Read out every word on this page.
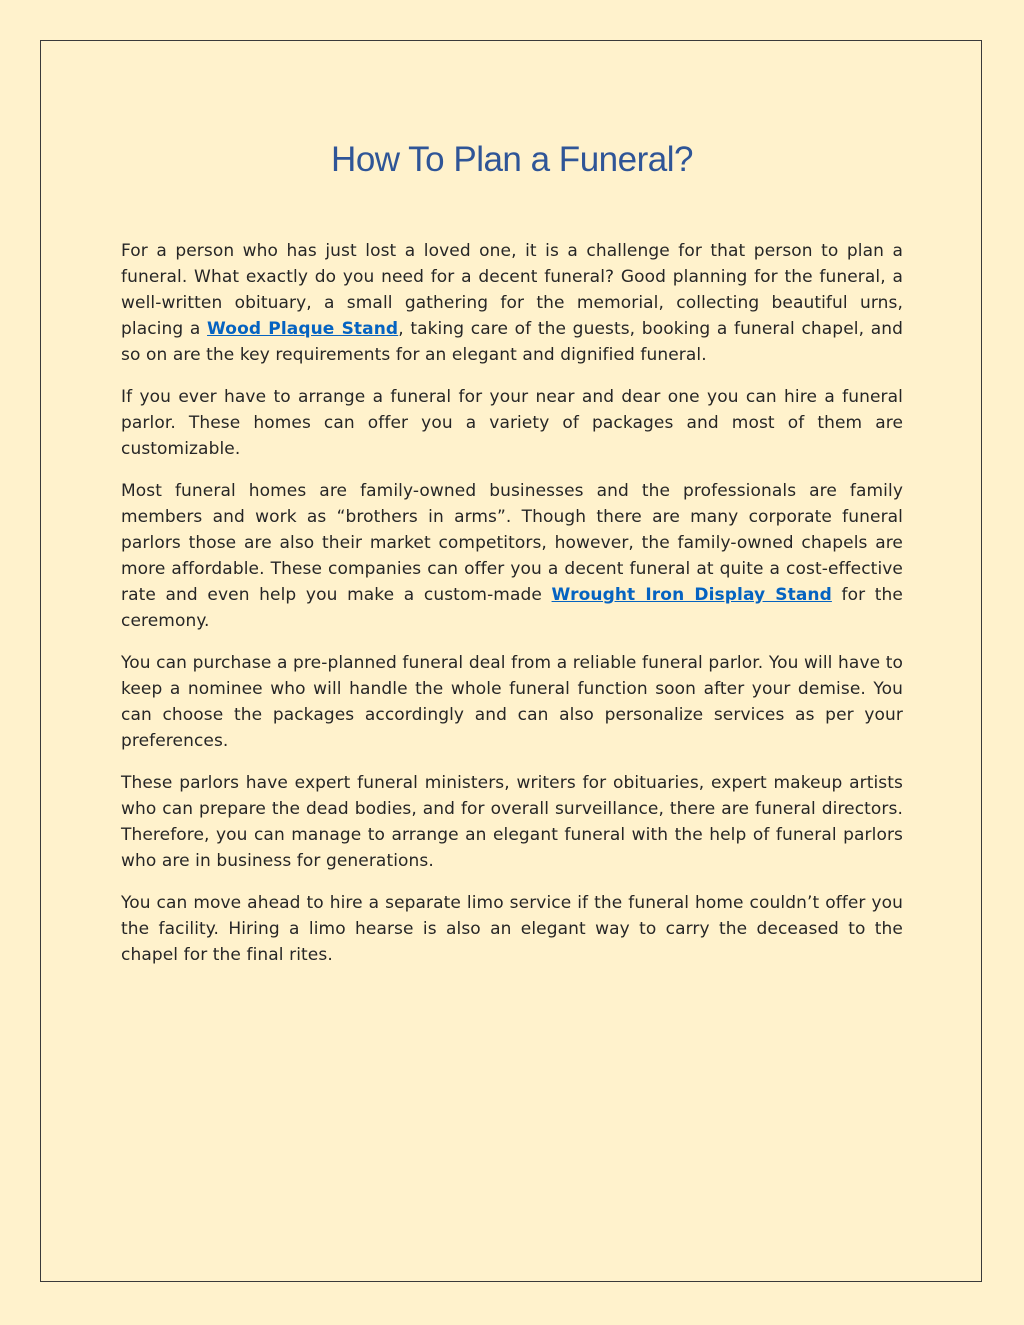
How To Plan a Funeral?

For a person who has just lost a loved one, it is a challenge for that person to plan a funeral. What exactly do you need for a decent funeral? Good planning for the funeral, a well-written obituary, a small gathering for the memorial, collecting beautiful urns, placing a Wood Plaque Stand, taking care of the guests, booking a funeral chapel, and so on are the key requirements for an elegant and dignified funeral.

If you ever have to arrange a funeral for your near and dear one you can hire a funeral parlor. These homes can offer you a variety of packages and most of them are customizable.

Most funeral homes are family-owned businesses and the professionals are family members and work as “brothers in arms”. Though there are many corporate funeral parlors those are also their market competitors, however, the family-owned chapels are more affordable. These companies can offer you a decent funeral at quite a cost-effective rate and even help you make a custom-made Wrought Iron Display Stand for the ceremony.

You can purchase a pre-planned funeral deal from a reliable funeral parlor. You will have to keep a nominee who will handle the whole funeral function soon after your demise. You can choose the packages accordingly and can also personalize services as per your preferences.

These parlors have expert funeral ministers, writers for obituaries, expert makeup artists who can prepare the dead bodies, and for overall surveillance, there are funeral directors. Therefore, you can manage to arrange an elegant funeral with the help of funeral parlors who are in business for generations.

You can move ahead to hire a separate limo service if the funeral home couldn’t offer you the facility. Hiring a limo hearse is also an elegant way to carry the deceased to the chapel for the final rites.
